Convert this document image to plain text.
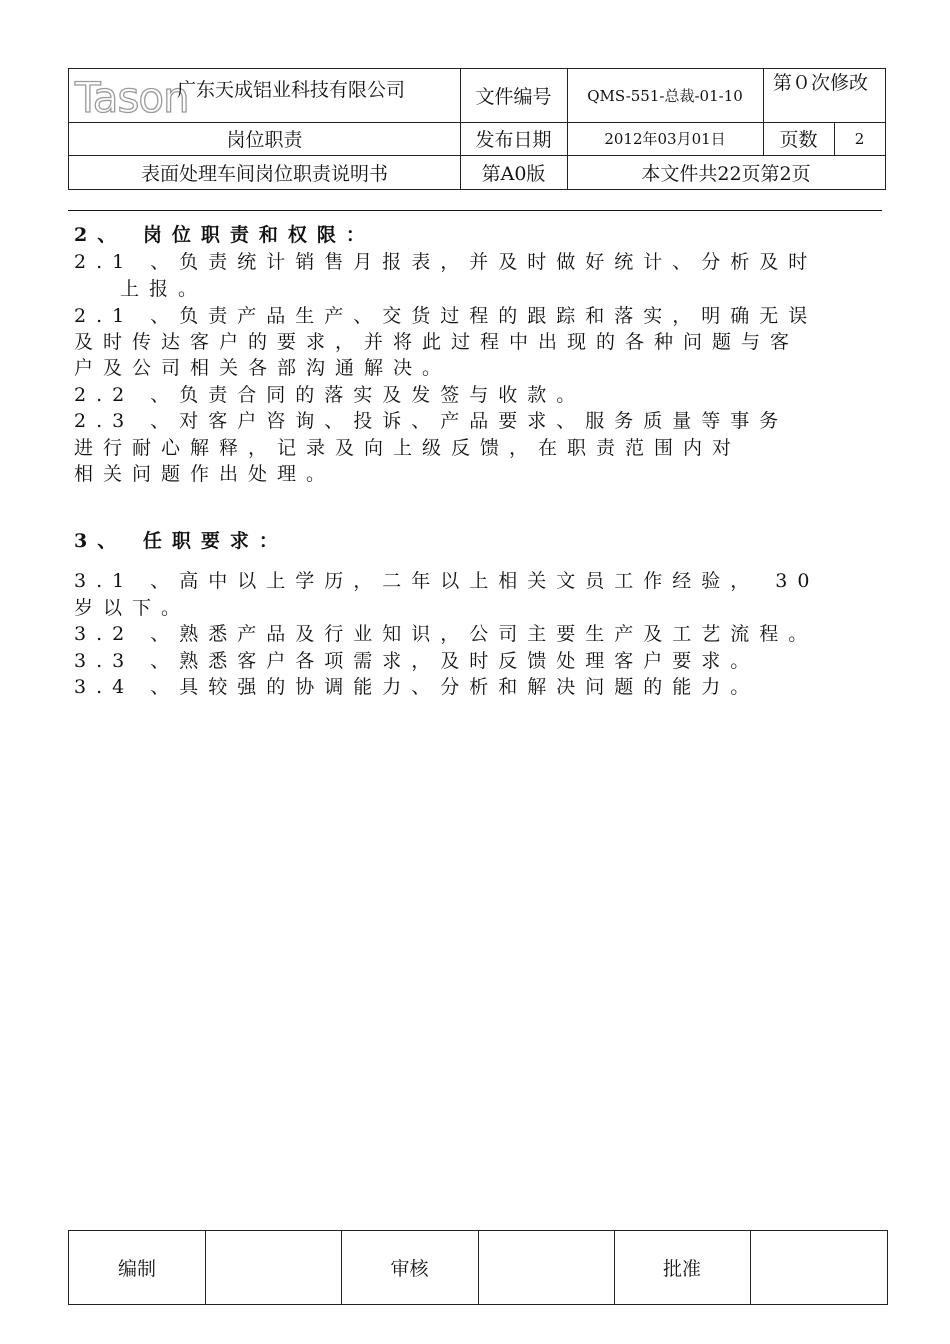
Tason
广东天成铝业科技有限公司	文件编号	QMS-551-总裁-01-10
第０次修改
岗位职责	发布日期	2012年03月01日	页数	2
表面处理车间岗位职责说明书	第A0版	本文件共22页第2页
2、 岗位职责和权限：
2.1 、负责统计销售月报表，并及时做好统计、分析及时
上报。
2.1 、负责产品生产、交货过程的跟踪和落实，明确无误
及时传达客户的要求，并将此过程中出现的各种问题与客
户及公司相关各部沟通解决。
2.2 、负责合同的落实及发签与收款。
2.3 、对客户咨询、投诉、产品要求、服务质量等事务
进行耐心解释，记录及向上级反馈，在职责范围内对
相关问题作出处理。
3、 任职要求：
3.1 、高中以上学历，二年以上相关文员工作经验， 30
岁以下。
3.2 、熟悉产品及行业知识，公司主要生产及工艺流程。
3.3 、熟悉客户各项需求，及时反馈处理客户要求。
3.4 、具较强的协调能力、分析和解决问题的能力。
编制	审核	批准
